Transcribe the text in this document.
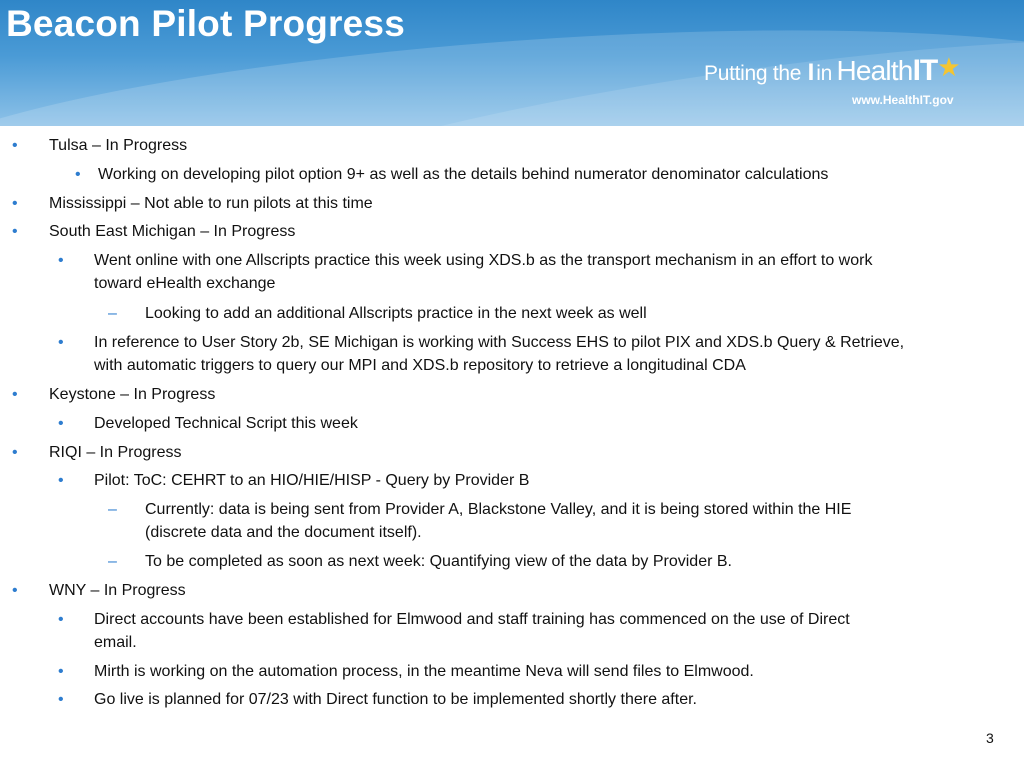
Beacon Pilot Progress
Putting the Iin HealthIT★
www.HealthIT.gov
• Tulsa – In Progress
• Working on developing pilot option 9+ as well as the details behind numerator denominator calculations
• Mississippi – Not able to run pilots at this time
• South East Michigan – In Progress
• Went online with one Allscripts practice this week using XDS.b as the transport mechanism in an effort to work
toward eHealth exchange
– Looking to add an additional Allscripts practice in the next week as well
• In reference to User Story 2b, SE Michigan is working with Success EHS to pilot PIX and XDS.b Query & Retrieve,
with automatic triggers to query our MPI and XDS.b repository to retrieve a longitudinal CDA
• Keystone – In Progress
• Developed Technical Script this week
• RIQI – In Progress
• Pilot: ToC: CEHRT to an HIO/HIE/HISP - Query by Provider B
– Currently: data is being sent from Provider A, Blackstone Valley, and it is being stored within the HIE
(discrete data and the document itself).
– To be completed as soon as next week: Quantifying view of the data by Provider B.
• WNY – In Progress
• Direct accounts have been established for Elmwood and staff training has commenced on the use of Direct
email.
• Mirth is working on the automation process, in the meantime Neva will send files to Elmwood.
• Go live is planned for 07/23 with Direct function to be implemented shortly there after.
3
